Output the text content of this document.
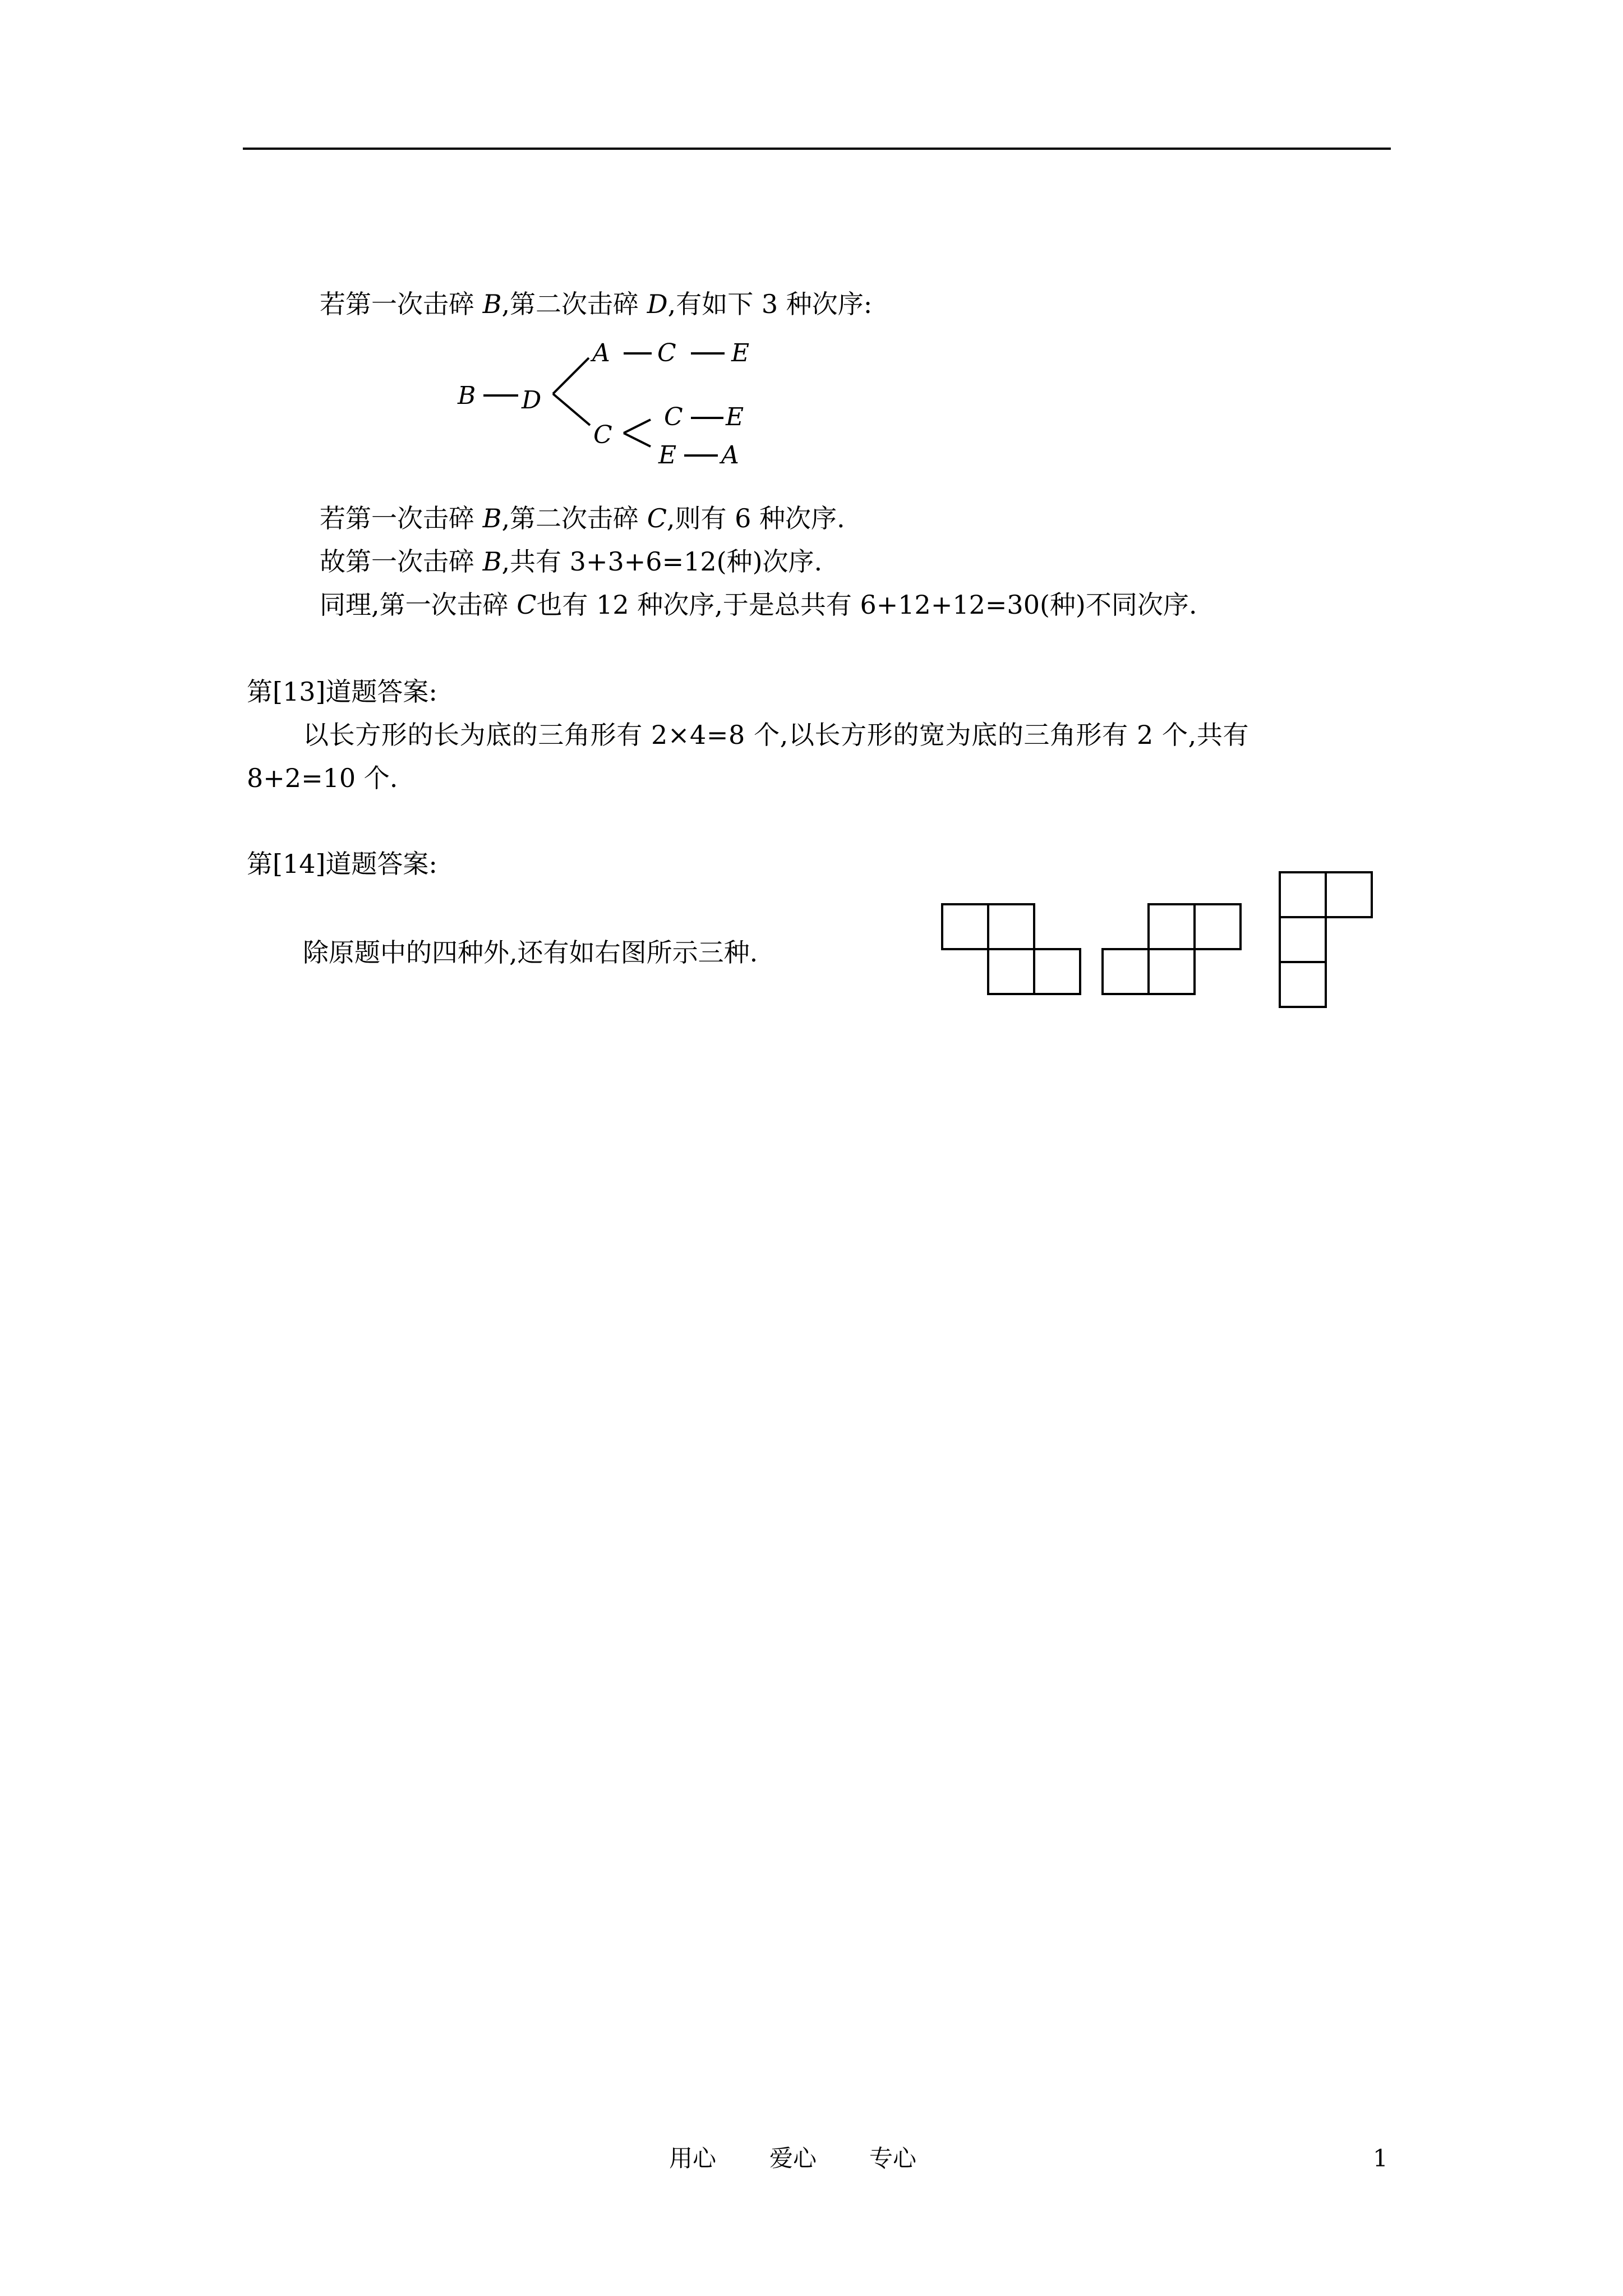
若第一次击碎 B,第二次击碎 D,有如下 3 种次序:
B D
A C E
C
C E
E A
若第一次击碎 B,第二次击碎 C,则有 6 种次序.
故第一次击碎 B,共有 3+3+6=12(种)次序.
同理,第一次击碎 C也有 12 种次序,于是总共有 6+12+12=30(种)不同次序.
第[13]道题答案:
以长方形的长为底的三角形有 2×4=8 个,以长方形的宽为底的三角形有 2 个,共有
8+2=10 个.
第[14]道题答案:
除原题中的四种外,还有如右图所示三种.
用心 爱心 专心	1
